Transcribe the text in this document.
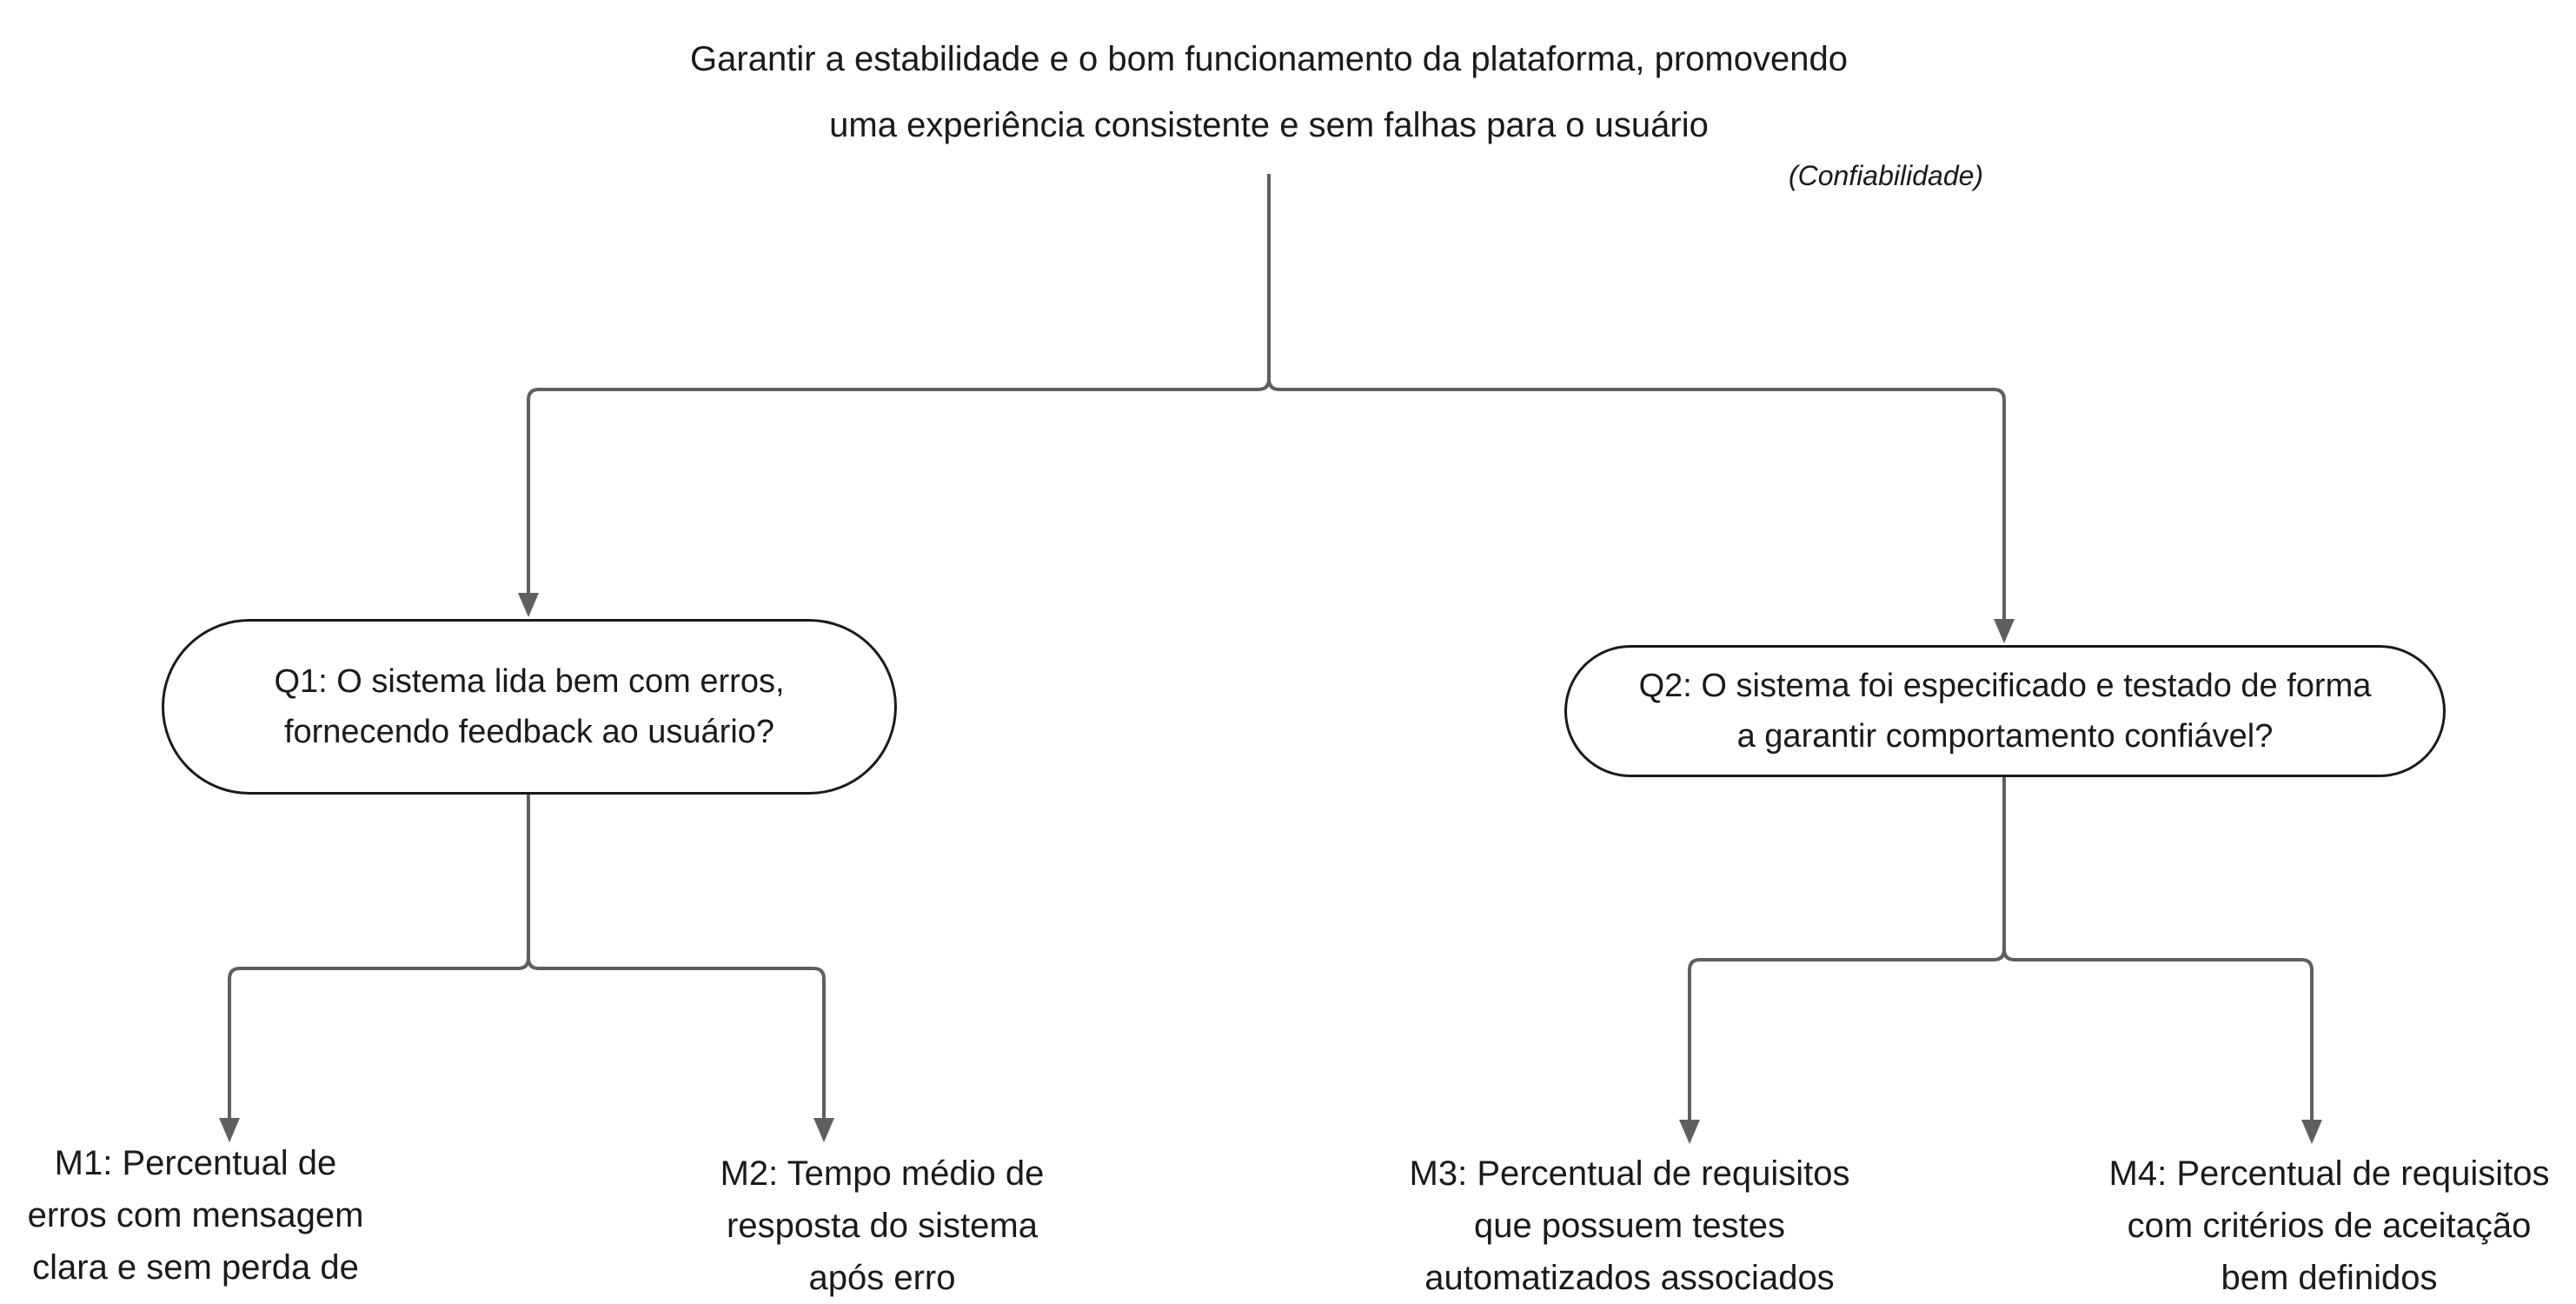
Garantir a estabilidade e o bom funcionamento da plataforma, promovendo
uma experiência consistente e sem falhas para o usuário
(Confiabilidade)
Q1: O sistema lida bem com erros,
fornecendo feedback ao usuário?
Q2: O sistema foi especificado e testado de forma
a garantir comportamento confiável?
M1: Percentual de
erros com mensagem
clara e sem perda de
M2: Tempo médio de
resposta do sistema
após erro
M3: Percentual de requisitos
que possuem testes
automatizados associados
M4: Percentual de requisitos
com critérios de aceitação
bem definidos
